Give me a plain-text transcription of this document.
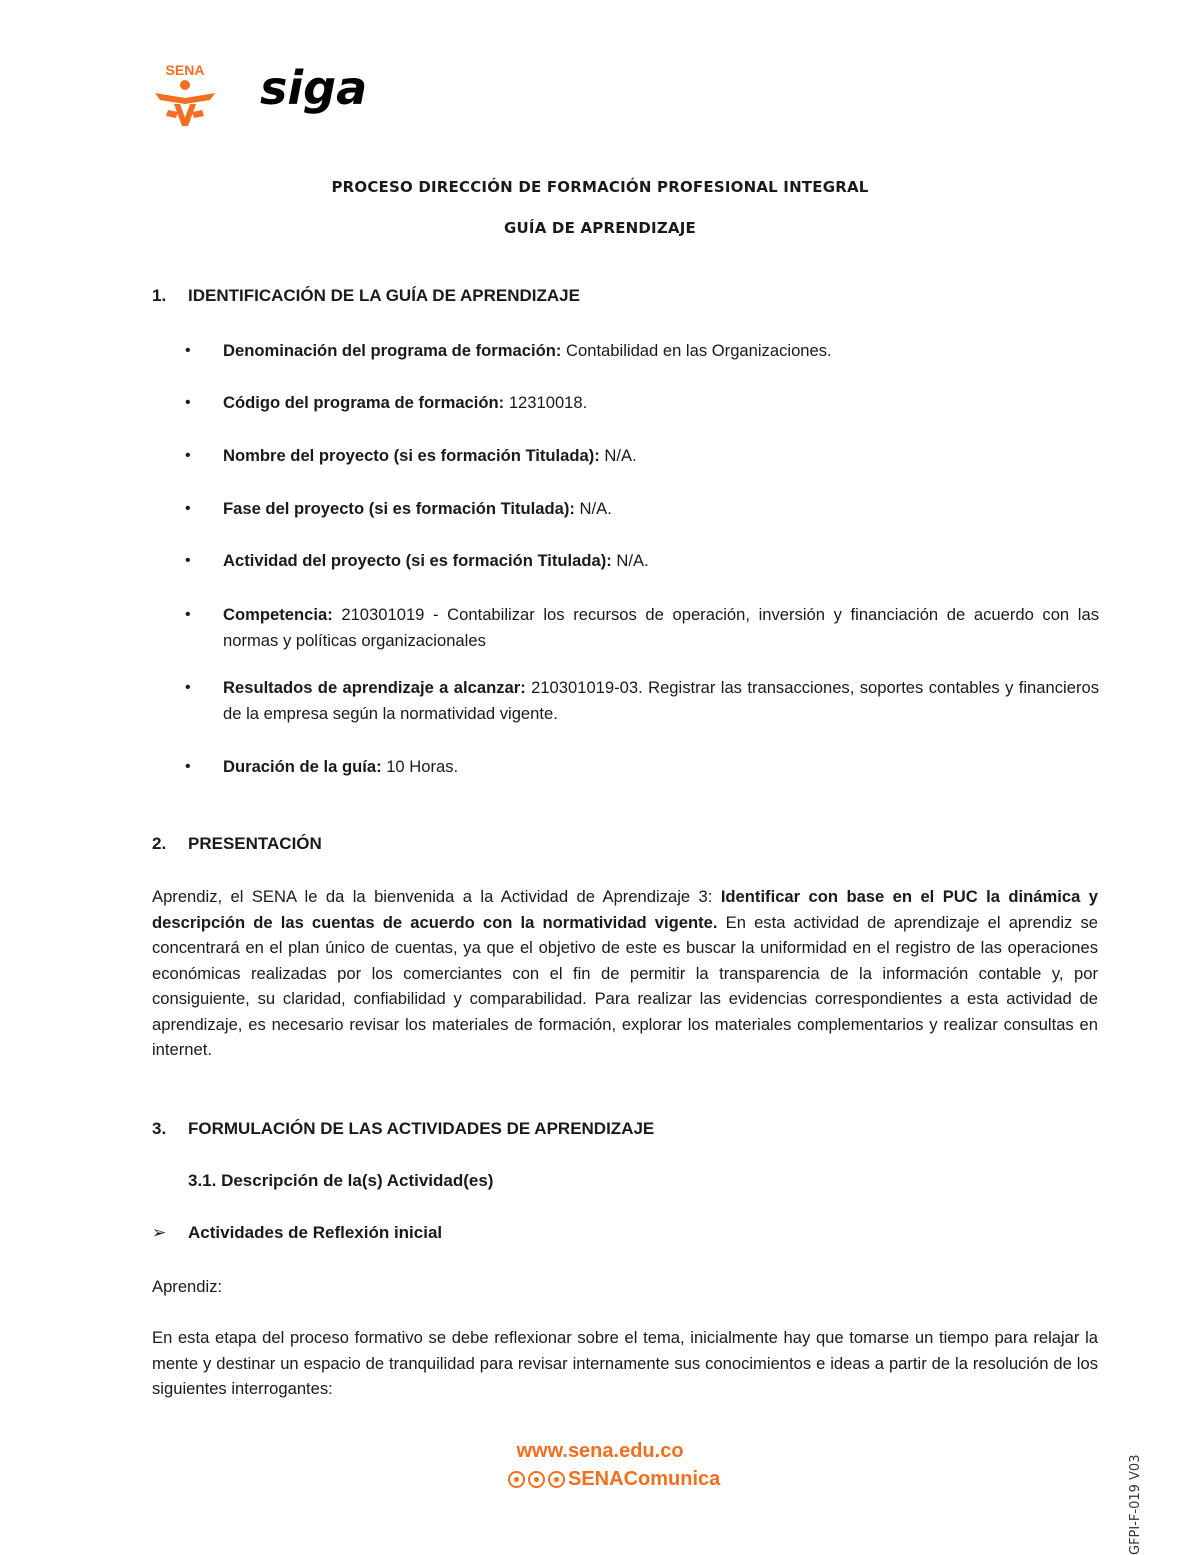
SENA siga
PROCESO DIRECCIÓN DE FORMACIÓN PROFESIONAL INTEGRAL
GUÍA DE APRENDIZAJE
1. IDENTIFICACIÓN DE LA GUÍA DE APRENDIZAJE
• Denominación del programa de formación: Contabilidad en las Organizaciones.
• Código del programa de formación: 12310018.
• Nombre del proyecto (si es formación Titulada): N/A.
• Fase del proyecto (si es formación Titulada): N/A.
• Actividad del proyecto (si es formación Titulada): N/A.
• Competencia: 210301019 - Contabilizar los recursos de operación, inversión y financiación de acuerdo con las normas y políticas organizacionales
• Resultados de aprendizaje a alcanzar: 210301019-03. Registrar las transacciones, soportes contables y financieros de la empresa según la normatividad vigente.
• Duración de la guía: 10 Horas.
2. PRESENTACIÓN

Aprendiz, el SENA le da la bienvenida a la Actividad de Aprendizaje 3: Identificar con base en el PUC la dinámica y descripción de las cuentas de acuerdo con la normatividad vigente. En esta actividad de aprendizaje el aprendiz se concentrará en el plan único de cuentas, ya que el objetivo de este es buscar la uniformidad en el registro de las operaciones económicas realizadas por los comerciantes con el fin de permitir la transparencia de la información contable y, por consiguiente, su claridad, confiabilidad y comparabilidad. Para realizar las evidencias correspondientes a esta actividad de aprendizaje, es necesario revisar los materiales de formación, explorar los materiales complementarios y realizar consultas en internet.

3. FORMULACIÓN DE LAS ACTIVIDADES DE APRENDIZAJE
3.1. Descripción de la(s) Actividad(es)
➢ Actividades de Reflexión inicial

Aprendiz:

En esta etapa del proceso formativo se debe reflexionar sobre el tema, inicialmente hay que tomarse un tiempo para relajar la mente y destinar un espacio de tranquilidad para revisar internamente sus conocimientos e ideas a partir de la resolución de los siguientes interrogantes:

www.sena.edu.co
SENAComunica	GFPI-F-019 V03
